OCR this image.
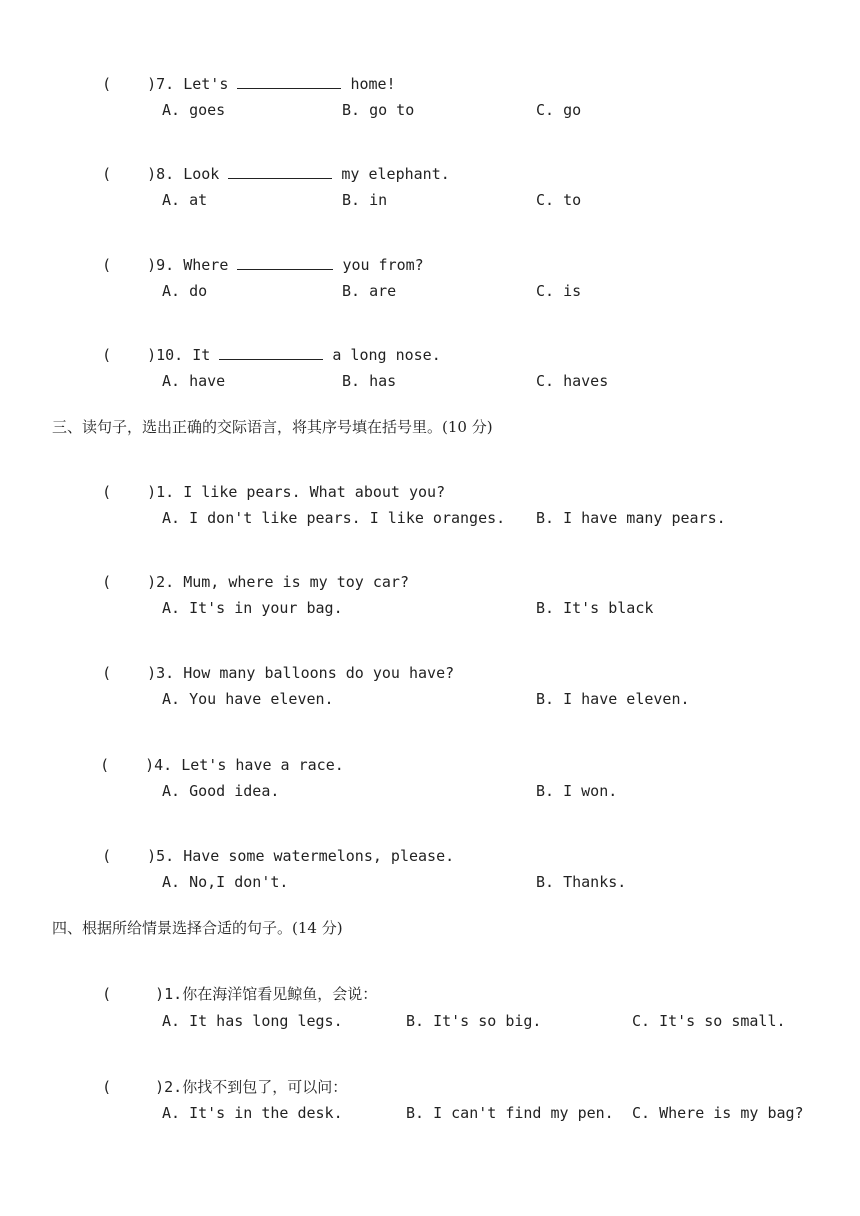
( )7. Let's	home!

A. goes	B. go to	C. go

( )8. Look	my elephant.

A. at	B. in	C. to

( )9. Where	you from?

A. do	B. are	C. is

( )10. It	a long nose.

A. have	B. has	C. haves
三、读句子，选出正确的交际语言，将其序号填在括号里。(10 分)

( )1. I like pears. What about you?

A. I don't like pears. I like oranges. B. I have many pears.

( )2. Mum, where is my toy car?

A. It's in your bag.	B. It's black

( )3. How many balloons do you have?

A. You have eleven.	B. I have eleven.

( )4. Let's have a race.

A. Good idea.	B. I won.

( )5. Have some watermelons, please.

A. No,I don't.	B. Thanks.
四、根据所给情景选择合适的句子。(14 分)

(	)1.你在海洋馆看见鲸鱼，会说：

A. It has long legs.	B. It's so big.	C. It's so small.

(	)2.你找不到包了，可以问：

A. It's in the desk.	B. I can't find my pen. C. Where is my bag?
